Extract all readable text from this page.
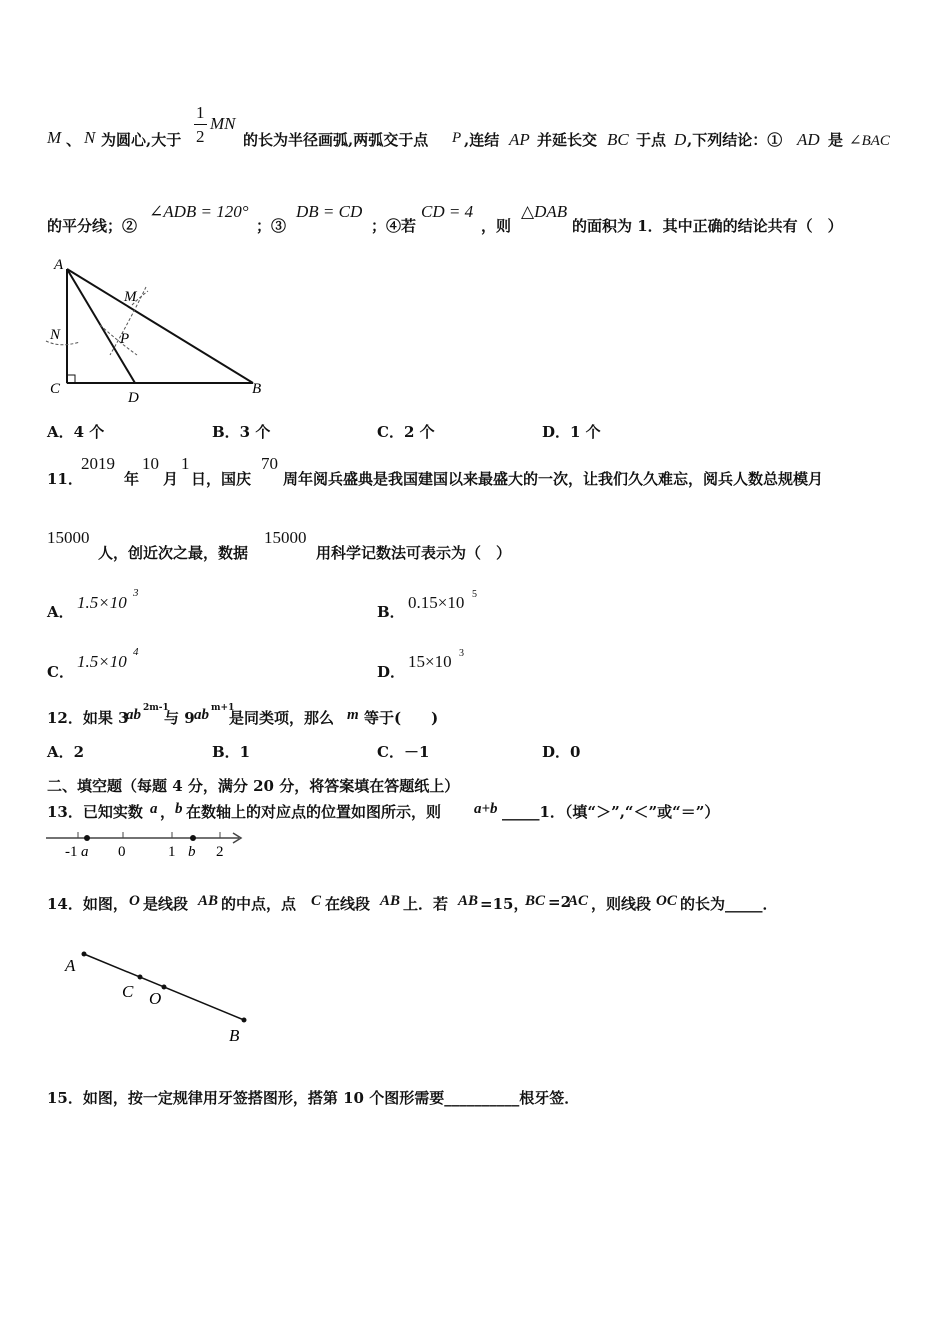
M 、 N 为圆心,大于
1
2
MN
的长为半径画弧,两弧交于点 P ,连结 AP 并延长交 BC 于点 D ,下列结论：① AD 是 ∠BAC
的平分线；②
∠ADB = 120°
；③
DB = CD
；④若
CD = 4
，则
△DAB
的面积为 1．其中正确的结论共有（　）
A
M
N	P
C
D
B
A．4 个	B．3 个	C．2 个	D．1 个
11．
2019
年
10
月
1
日，国庆
70
周年阅兵盛典是我国建国以来最盛大的一次，让我们久久难忘，阅兵人数总规模月
15000
人，创近次之最，数据
15000
用科学记数法可表示为（　）
A． 1.5×10 3
B． 0.15×10 5
C．
1.5×10 4
D．
15×10 3
12．如果 3
ab 2m-1
与 9 ab m+1
是同类项，那么 m 等于(　　)
A．2	B．1	C．－1	D．0
二、填空题（每题 4 分，满分 20 分，将答案填在答题纸上）
13．已知实数 a ， b 在数轴上的对应点的位置如图所示，则 a+b _____1．（填“＞”,“＜”或“＝”）
-1 a 0	1 b 2
14．如图， O 是线段 AB 的中点，点 C 在线段 AB 上．若 AB =15，
BC =2
AC ，则线段 OC 的长为_____．
A
C O
B
15．如图，按一定规律用牙签搭图形，搭第 10 个图形需要__________根牙签．
